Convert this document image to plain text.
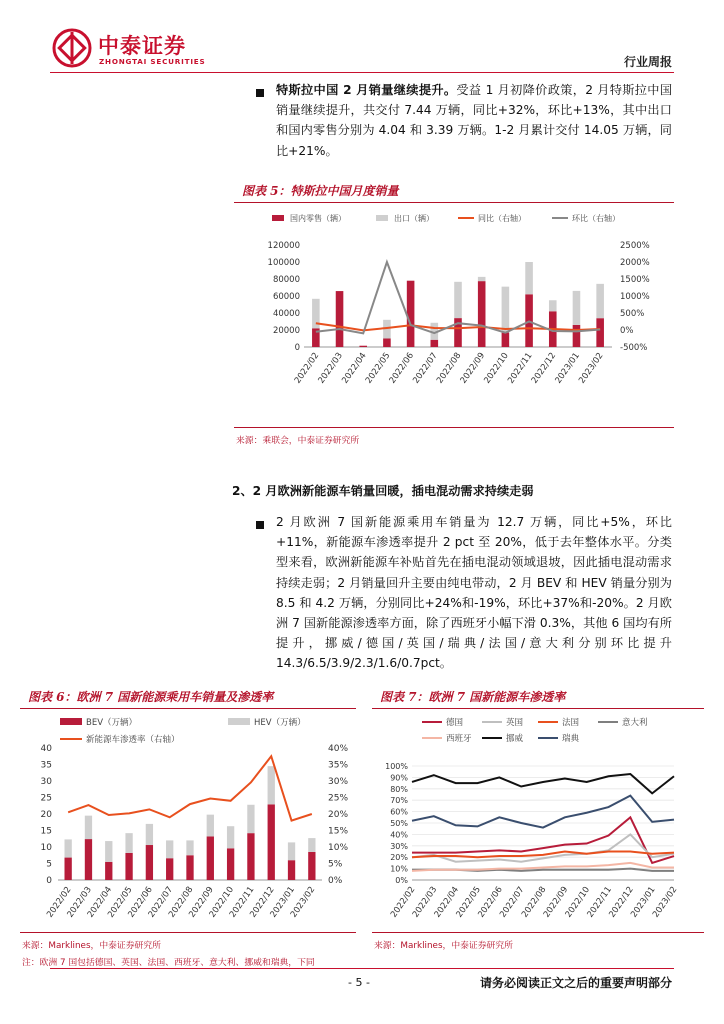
中泰证券
ZHONGTAI SECURITIES	行业周报
特斯拉中国 2 月销量继续提升。受益 1 月初降价政策，2 月特斯拉中国销量继续提升，共交付 7.44 万辆，同比+32%，环比+13%，其中出口和国内零售分别为 4.04 和 3.39 万辆。1-2 月累计交付 14.05 万辆，同比+21%。
图表 5：特斯拉中国月度销量
国内零售（辆）	出口（辆）	同比（右轴）	环比（右轴）
0
20000
40000
60000
80000
100000
120000
-500%
0%
500%
1000%
1500%
2000%
2500%
2022/02
2022/03
2022/04
2022/05
2022/06
2022/07
2022/08
2022/09
2022/10
2022/11
2022/12
2023/01
2023/02
来源：乘联会，中泰证券研究所
2、2 月欧洲新能源车销量回暖，插电混动需求持续走弱
2 月欧洲 7 国新能源乘用车销量为 12.7 万辆，同比+5%，环比+11%，新能源车渗透率提升 2 pct 至 20%，低于去年整体水平。分类型来看，欧洲新能源车补贴首先在插电混动领域退坡，因此插电混动需求持续走弱；2 月销量回升主要由纯电带动，2 月 BEV 和 HEV 销量分别为 8.5 和 4.2 万辆，分别同比+24%和-19%，环比+37%和-20%。2 月欧洲 7 国新能源渗透率方面，除了西班牙小幅下滑 0.3%，其他 6 国均有所提升，挪威/德国/英国/瑞典/法国/意大利分别环比提升 14.3/6.5/3.9/2.3/1.6/0.7pct。
图表 6：欧洲 7 国新能源乘用车销量及渗透率
BEV（万辆）	HEV（万辆）
新能源车渗透率（右轴）
0
5
10
15
20
25
30
35
40
0%
5%
10%
15%
20%
25%
30%
35%
40%
2022/02
2022/03
2022/04
2022/05
2022/06
2022/07
2022/08
2022/09
2022/10
2022/11
2022/12
2023/01
2023/02
来源：Marklines，中泰证券研究所
注：欧洲 7 国包括德国、英国、法国、西班牙、意大利、挪威和瑞典，下同
图表 7：欧洲 7 国新能源车渗透率
德国	英国	法国	意大利
西班牙	挪威	瑞典
0%
10%
20%
30%
40%
50%
60%
70%
80%
90%
100%
2022/02
2022/03
2022/04
2022/05
2022/06
2022/07
2022/08
2022/09
2022/10
2022/11
2022/12
2023/01
2023/02
来源：Marklines，中泰证券研究所
- 5 -	请务必阅读正文之后的重要声明部分
